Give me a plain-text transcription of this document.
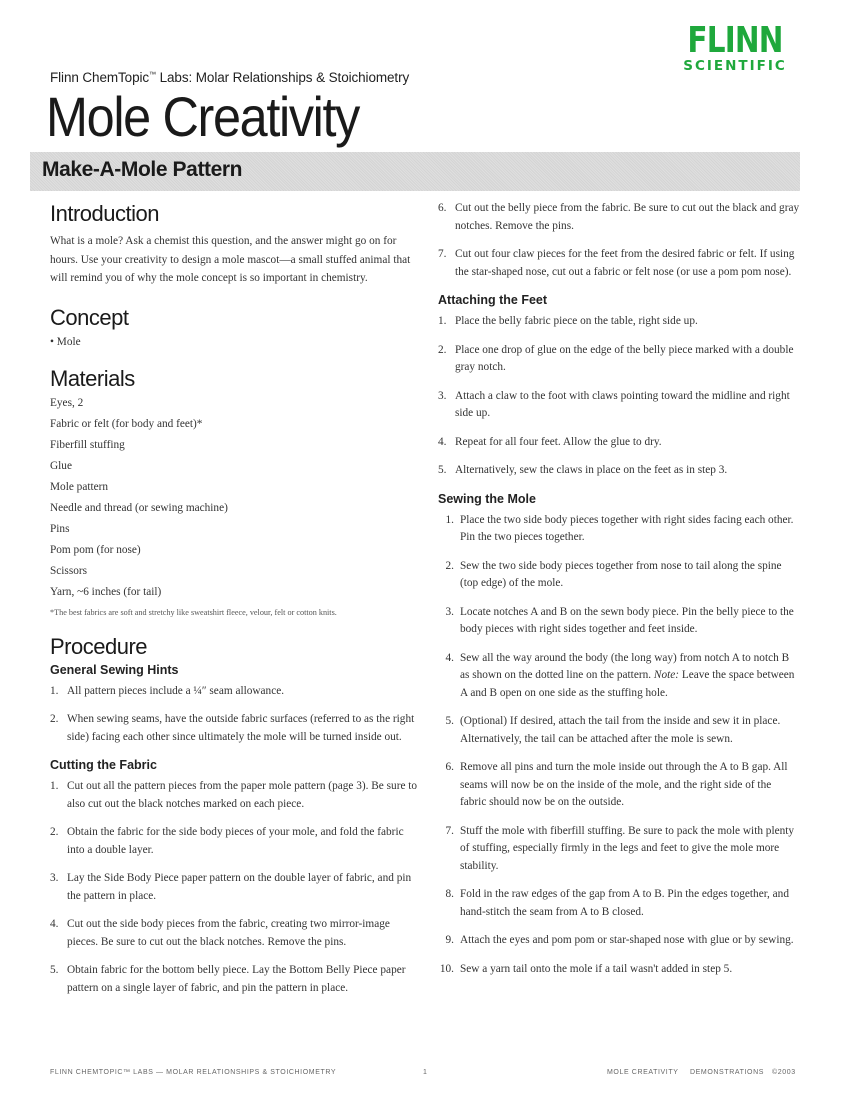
FLINN
SCIENTIFIC
Flinn ChemTopic™ Labs: Molar Relationships & Stoichiometry
Mole Creativity
Make-A-Mole Pattern
Introduction

What is a mole? Ask a chemist this question, and the answer might go on for hours. Use your creativity to design a mole mascot—a small stuffed animal that will remind you of why the mole concept is so important in chemistry.

Concept
• Mole
Materials
Eyes, 2
Fabric or felt (for body and feet)*
Fiberfill stuffing
Glue
Mole pattern
Needle and thread (or sewing machine)
Pins
Pom pom (for nose)
Scissors
Yarn, ~6 inches (for tail)
*The best fabrics are soft and stretchy like sweatshirt fleece, velour, felt or cotton knits.
Procedure
General Sewing Hints
1. All pattern pieces include a ¼″ seam allowance.
2. When sewing seams, have the outside fabric surfaces (referred to as the right side) facing each other since ultimately the mole will be turned inside out.
Cutting the Fabric
1. Cut out all the pattern pieces from the paper mole pattern (page 3). Be sure to also cut out the black notches marked on each piece.
2. Obtain the fabric for the side body pieces of your mole, and fold the fabric into a double layer.
3. Lay the Side Body Piece paper pattern on the double layer of fabric, and pin the pattern in place.
4. Cut out the side body pieces from the fabric, creating two mirror-image pieces. Be sure to cut out the black notches. Remove the pins.
5. Obtain fabric for the bottom belly piece. Lay the Bottom Belly Piece paper pattern on a single layer of fabric, and pin the pattern in place.
6. Cut out the belly piece from the fabric. Be sure to cut out the black and gray notches. Remove the pins.
7. Cut out four claw pieces for the feet from the desired fabric or felt. If using the star-shaped nose, cut out a fabric or felt nose (or use a pom pom nose).
Attaching the Feet
1. Place the belly fabric piece on the table, right side up.
2. Place one drop of glue on the edge of the belly piece marked with a double gray notch.
3. Attach a claw to the foot with claws pointing toward the midline and right side up.
4. Repeat for all four feet. Allow the glue to dry.
5. Alternatively, sew the claws in place on the feet as in step 3.
Sewing the Mole
1. Place the two side body pieces together with right sides facing each other. Pin the two pieces together.
2. Sew the two side body pieces together from nose to tail along the spine (top edge) of the mole.
3. Locate notches A and B on the sewn body piece. Pin the belly piece to the body pieces with right sides together and feet inside.
4. Sew all the way around the body (the long way) from notch A to notch B as shown on the dotted line on the pattern. Note: Leave the space between A and B open on one side as the stuffing hole.
5. (Optional) If desired, attach the tail from the inside and sew it in place. Alternatively, the tail can be attached after the mole is sewn.
6. Remove all pins and turn the mole inside out through the A to B gap. All seams will now be on the inside of the mole, and the right side of the fabric should now be on the outside.
7. Stuff the mole with fiberfill stuffing. Be sure to pack the mole with plenty of stuffing, especially firmly in the legs and feet to give the mole more stability.
8. Fold in the raw edges of the gap from A to B. Pin the edges together, and hand-stitch the seam from A to B closed.
9. Attach the eyes and pom pom or star-shaped nose with glue or by sewing.
10. Sew a yarn tail onto the mole if a tail wasn't added in step 5.
FLINN CHEMTOPIC™ LABS — MOLAR RELATIONSHIPS & STOICHIOMETRY	1	MOLE CREATIVITY DEMONSTRATIONS ©2003
